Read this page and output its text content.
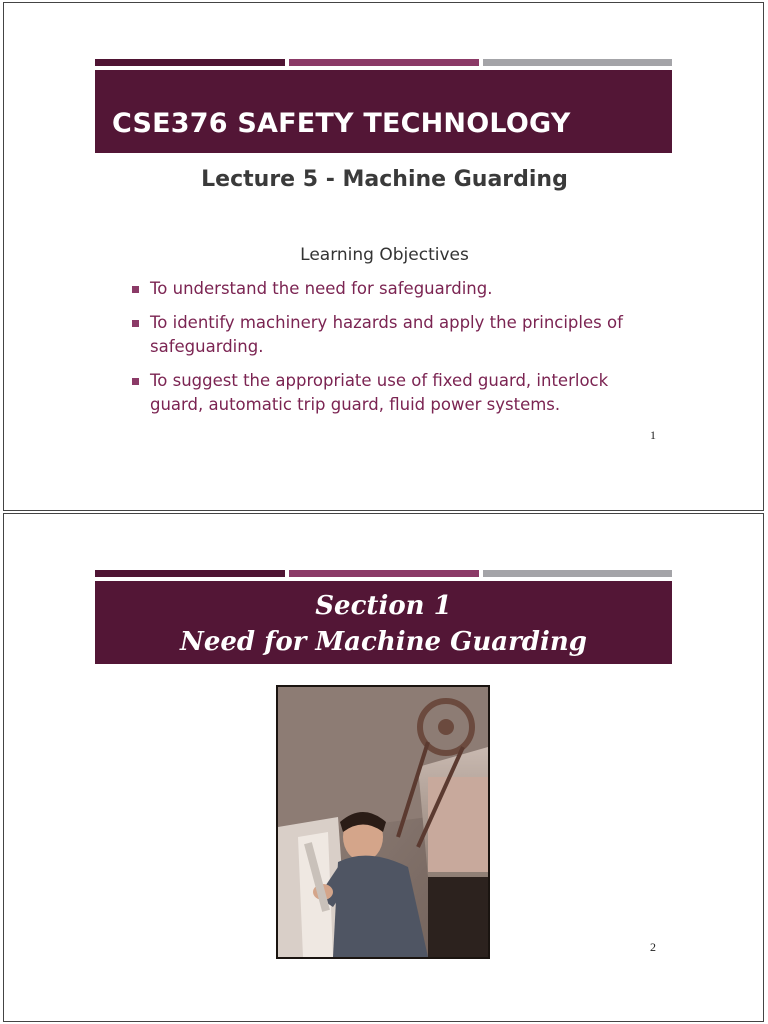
CSE376 SAFETY TECHNOLOGY
Lecture 5 - Machine Guarding
Learning Objectives
To understand the need for safeguarding.
To identify machinery hazards and apply the principles of safeguarding.
To suggest the appropriate use of fixed guard, interlock guard, automatic trip guard, fluid power systems.
1
Section 1
Need for Machine Guarding
2
